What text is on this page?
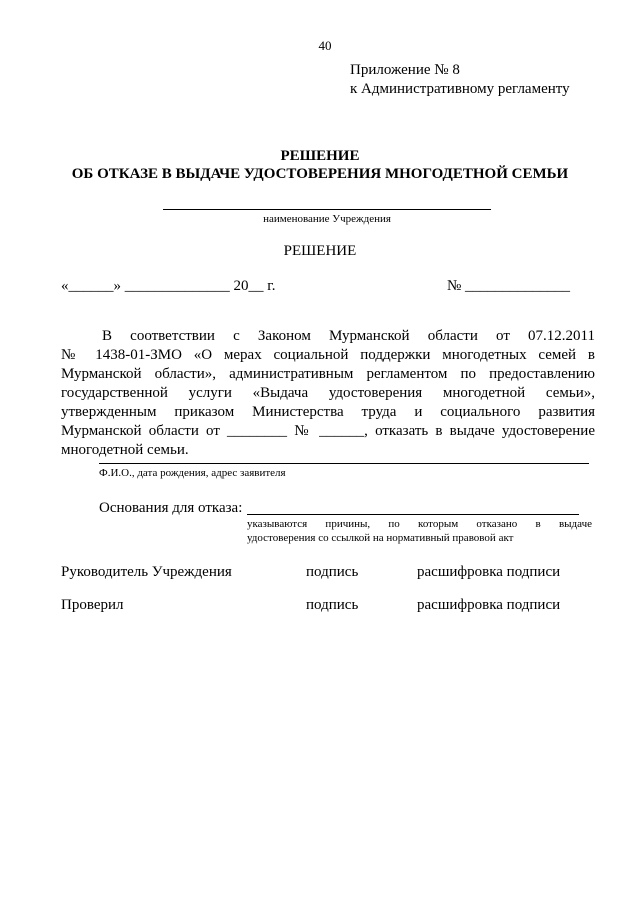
40
Приложение № 8
к Административному регламенту
РЕШЕНИЕ
ОБ ОТКАЗЕ В ВЫДАЧЕ УДОСТОВЕРЕНИЯ МНОГОДЕТНОЙ СЕМЬИ
наименование Учреждения
РЕШЕНИЕ
«______» ______________ 20__ г.	№ ______________
В соответствии с Законом Мурманской области от 07.12.2011
№ 1438-01-ЗМО «О мерах социальной поддержки многодетных семей в
Мурманской области», административным регламентом по предоставлению
государственной услуги «Выдача удостоверения многодетной семьи»,
утвержденным приказом Министерства труда и социального развития
Мурманской области от ________ № ______, отказать в выдаче удостоверение
многодетной семьи.
Ф.И.О., дата рождения, адрес заявителя
Основания для отказа:
указываются причины, по которым отказано в выдаче
удостоверения со ссылкой на нормативный правовой акт
Руководитель Учреждения	подпись	расшифровка подписи
Проверил	подпись	расшифровка подписи
